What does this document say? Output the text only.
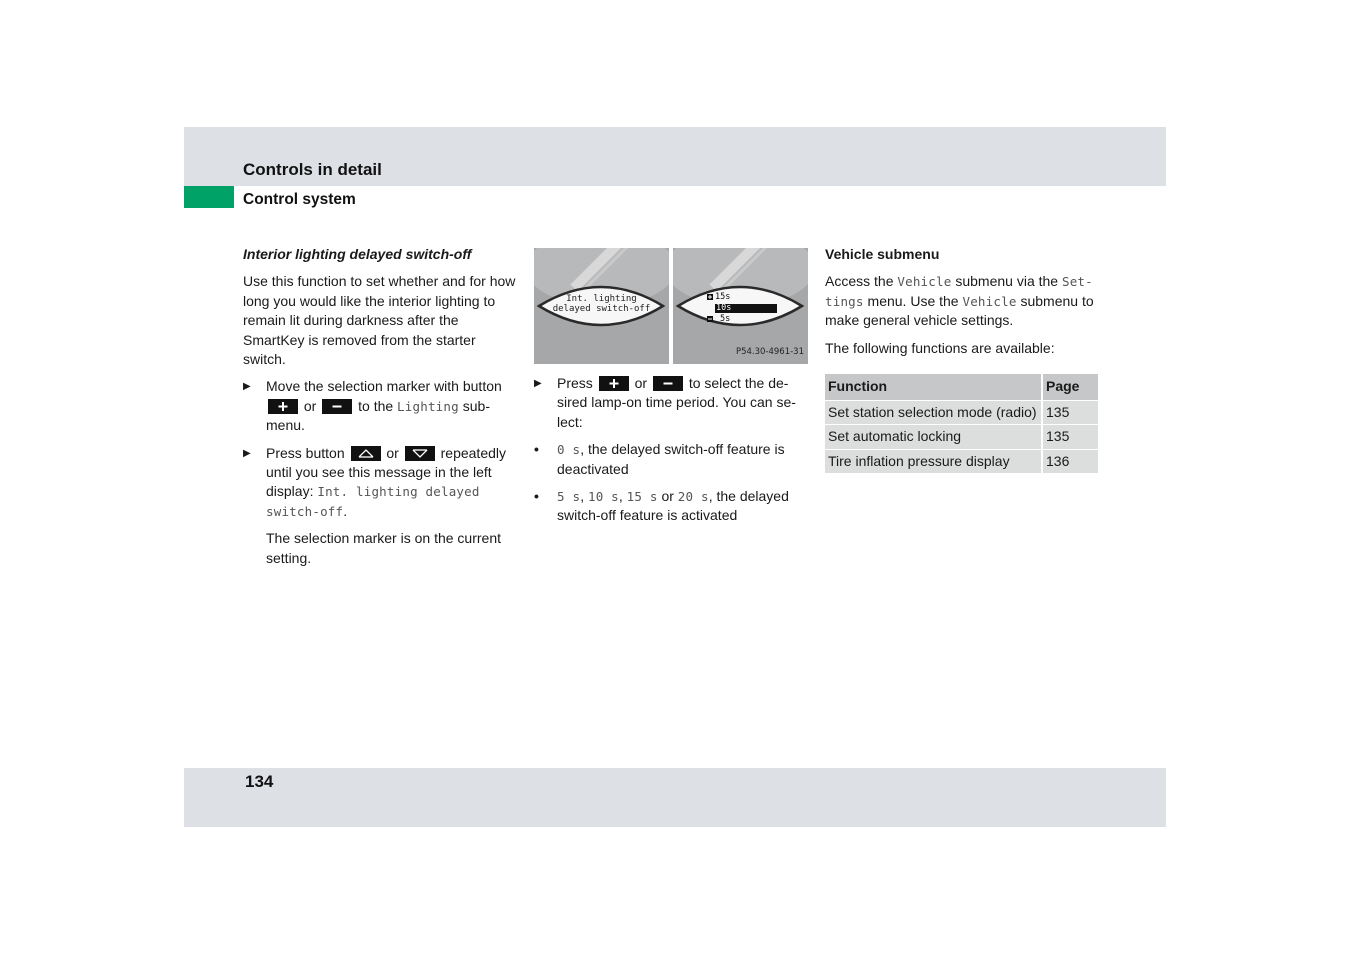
Controls in detail
Control system
Interior lighting delayed switch-off

Use this function to set whether and for how long you would like the interior lighting to remain lit during darkness after the SmartKey is removed from the starter switch.

▶ Move the selection marker with button
or	to the Lighting submenu.
▶ Press button	or	repeatedly until you see this message in the left display: Int. lighting delayed switch-off.
The selection marker is on the current setting.
Int. lighting
delayed switch-off
15s
10s
5s
P54.30-4961-31
▶ Press	or	to select the desired lamp-on time period. You can select:
• 0 s, the delayed switch-off feature is deactivated
• 5 s, 10 s, 15 s or 20 s, the delayed switch-off feature is activated
Vehicle submenu

Access the Vehicle submenu via the Settings menu. Use the Vehicle submenu to make general vehicle settings.

The following functions are available:

Function	Page
Set station selection mode (radio)	135
Set automatic locking	135
Tire inflation pressure display	136
134
